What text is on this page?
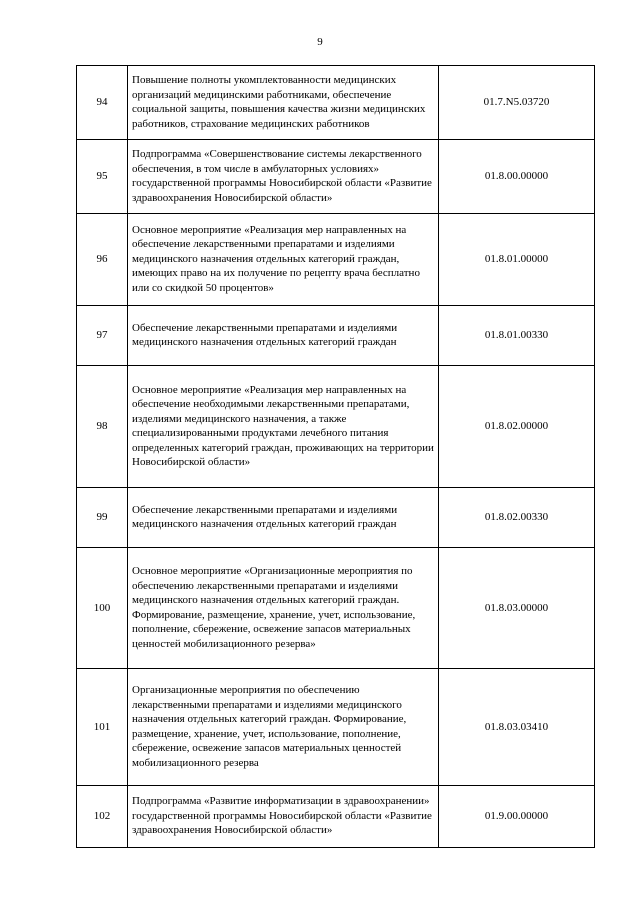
9
94	Повышение полноты укомплектованности медицинских организаций медицинскими работниками, обеспечение социальной защиты, повышения качества жизни медицинских работников, страхование медицинских работников	01.7.N5.03720
95	Подпрограмма «Совершенствование системы лекарственного обеспечения, в том числе в амбулаторных условиях» государственной программы Новосибирской области «Развитие здравоохранения Новосибирской области»	01.8.00.00000
96	Основное мероприятие «Реализация мер направленных на обеспечение лекарственными препаратами и изделиями медицинского назначения отдельных категорий граждан, имеющих право на их получение по рецепту врача бесплатно или со скидкой 50 процентов»	01.8.01.00000
97	Обеспечение лекарственными препаратами и изделиями медицинского назначения отдельных категорий граждан	01.8.01.00330
98	Основное мероприятие «Реализация мер направленных на обеспечение необходимыми лекарственными препаратами, изделиями медицинского назначения, а также специализированными продуктами лечебного питания определенных категорий граждан, проживающих на территории Новосибирской области»	01.8.02.00000
99	Обеспечение лекарственными препаратами и изделиями медицинского назначения отдельных категорий граждан	01.8.02.00330
100	Основное мероприятие «Организационные мероприятия по обеспечению лекарственными препаратами и изделиями медицинского назначения отдельных категорий граждан. Формирование, размещение, хранение, учет, использование, пополнение, сбережение, освежение запасов материальных ценностей мобилизационного резерва»	01.8.03.00000
101	Организационные мероприятия по обеспечению лекарственными препаратами и изделиями медицинского назначения отдельных категорий граждан. Формирование, размещение, хранение, учет, использование, пополнение, сбережение, освежение запасов материальных ценностей мобилизационного резерва	01.8.03.03410
102	Подпрограмма «Развитие информатизации в здравоохранении» государственной программы Новосибирской области «Развитие здравоохранения Новосибирской области»	01.9.00.00000
